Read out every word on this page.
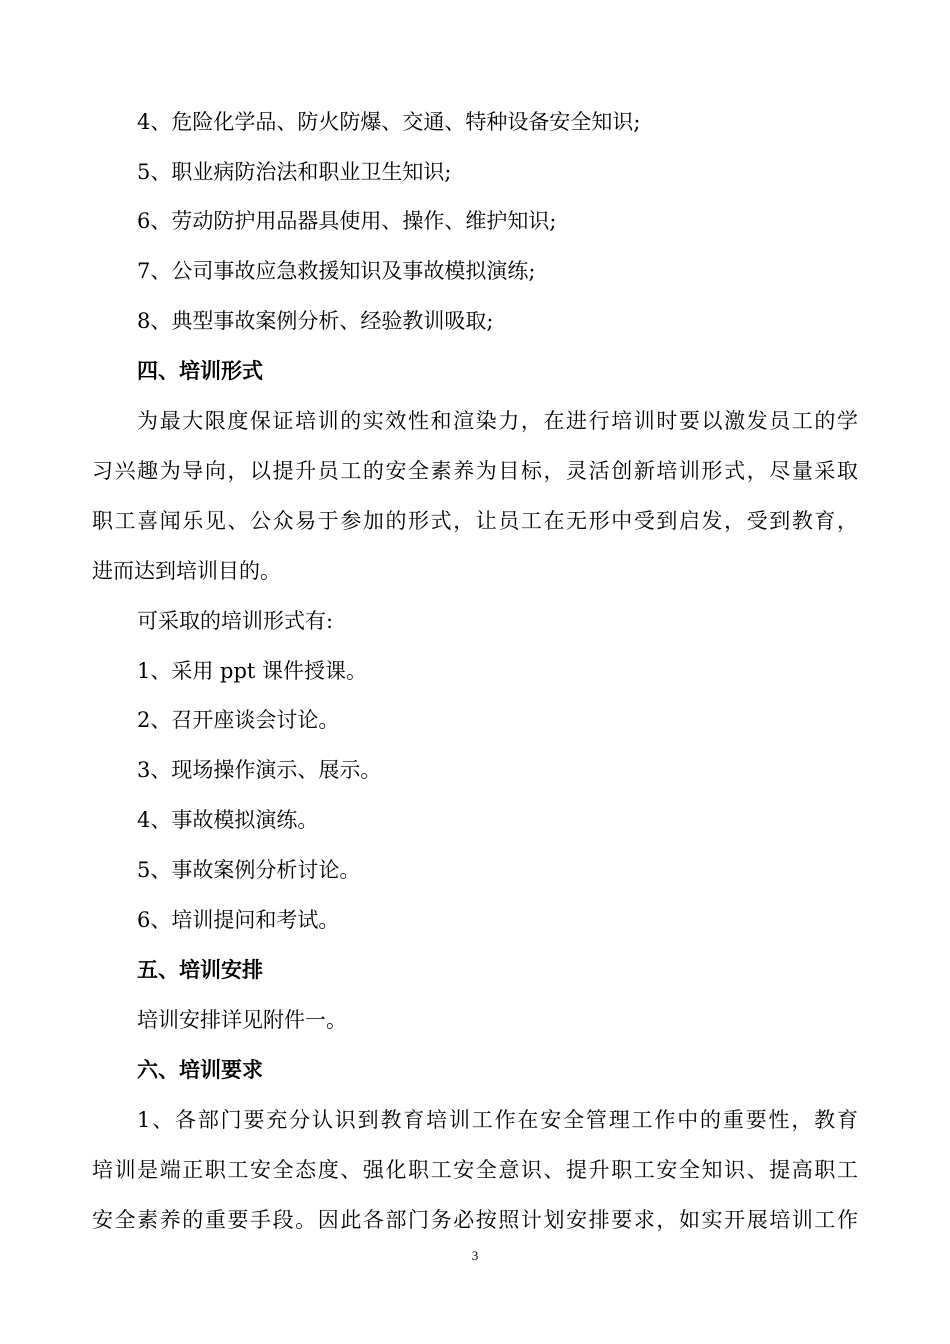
4、危险化学品、防火防爆、交通、特种设备安全知识;
5、职业病防治法和职业卫生知识;
6、劳动防护用品器具使用、操作、维护知识;
7、公司事故应急救援知识及事故模拟演练;
8、典型事故案例分析、经验教训吸取;
四、培训形式
为最大限度保证培训的实效性和渲染力，在进行培训时要以激发员工的学
习兴趣为导向，以提升员工的安全素养为目标，灵活创新培训形式，尽量采取
职工喜闻乐见、公众易于参加的形式，让员工在无形中受到启发，受到教育，
进而达到培训目的。
可采取的培训形式有:
1、采用 ppt 课件授课。
2、召开座谈会讨论。
3、现场操作演示、展示。
4、事故模拟演练。
5、事故案例分析讨论。
6、培训提问和考试。
五、培训安排
培训安排详见附件一。
六、培训要求
1、各部门要充分认识到教育培训工作在安全管理工作中的重要性，教育
培训是端正职工安全态度、强化职工安全意识、提升职工安全知识、提高职工
安全素养的重要手段。因此各部门务必按照计划安排要求，如实开展培训工作
3
